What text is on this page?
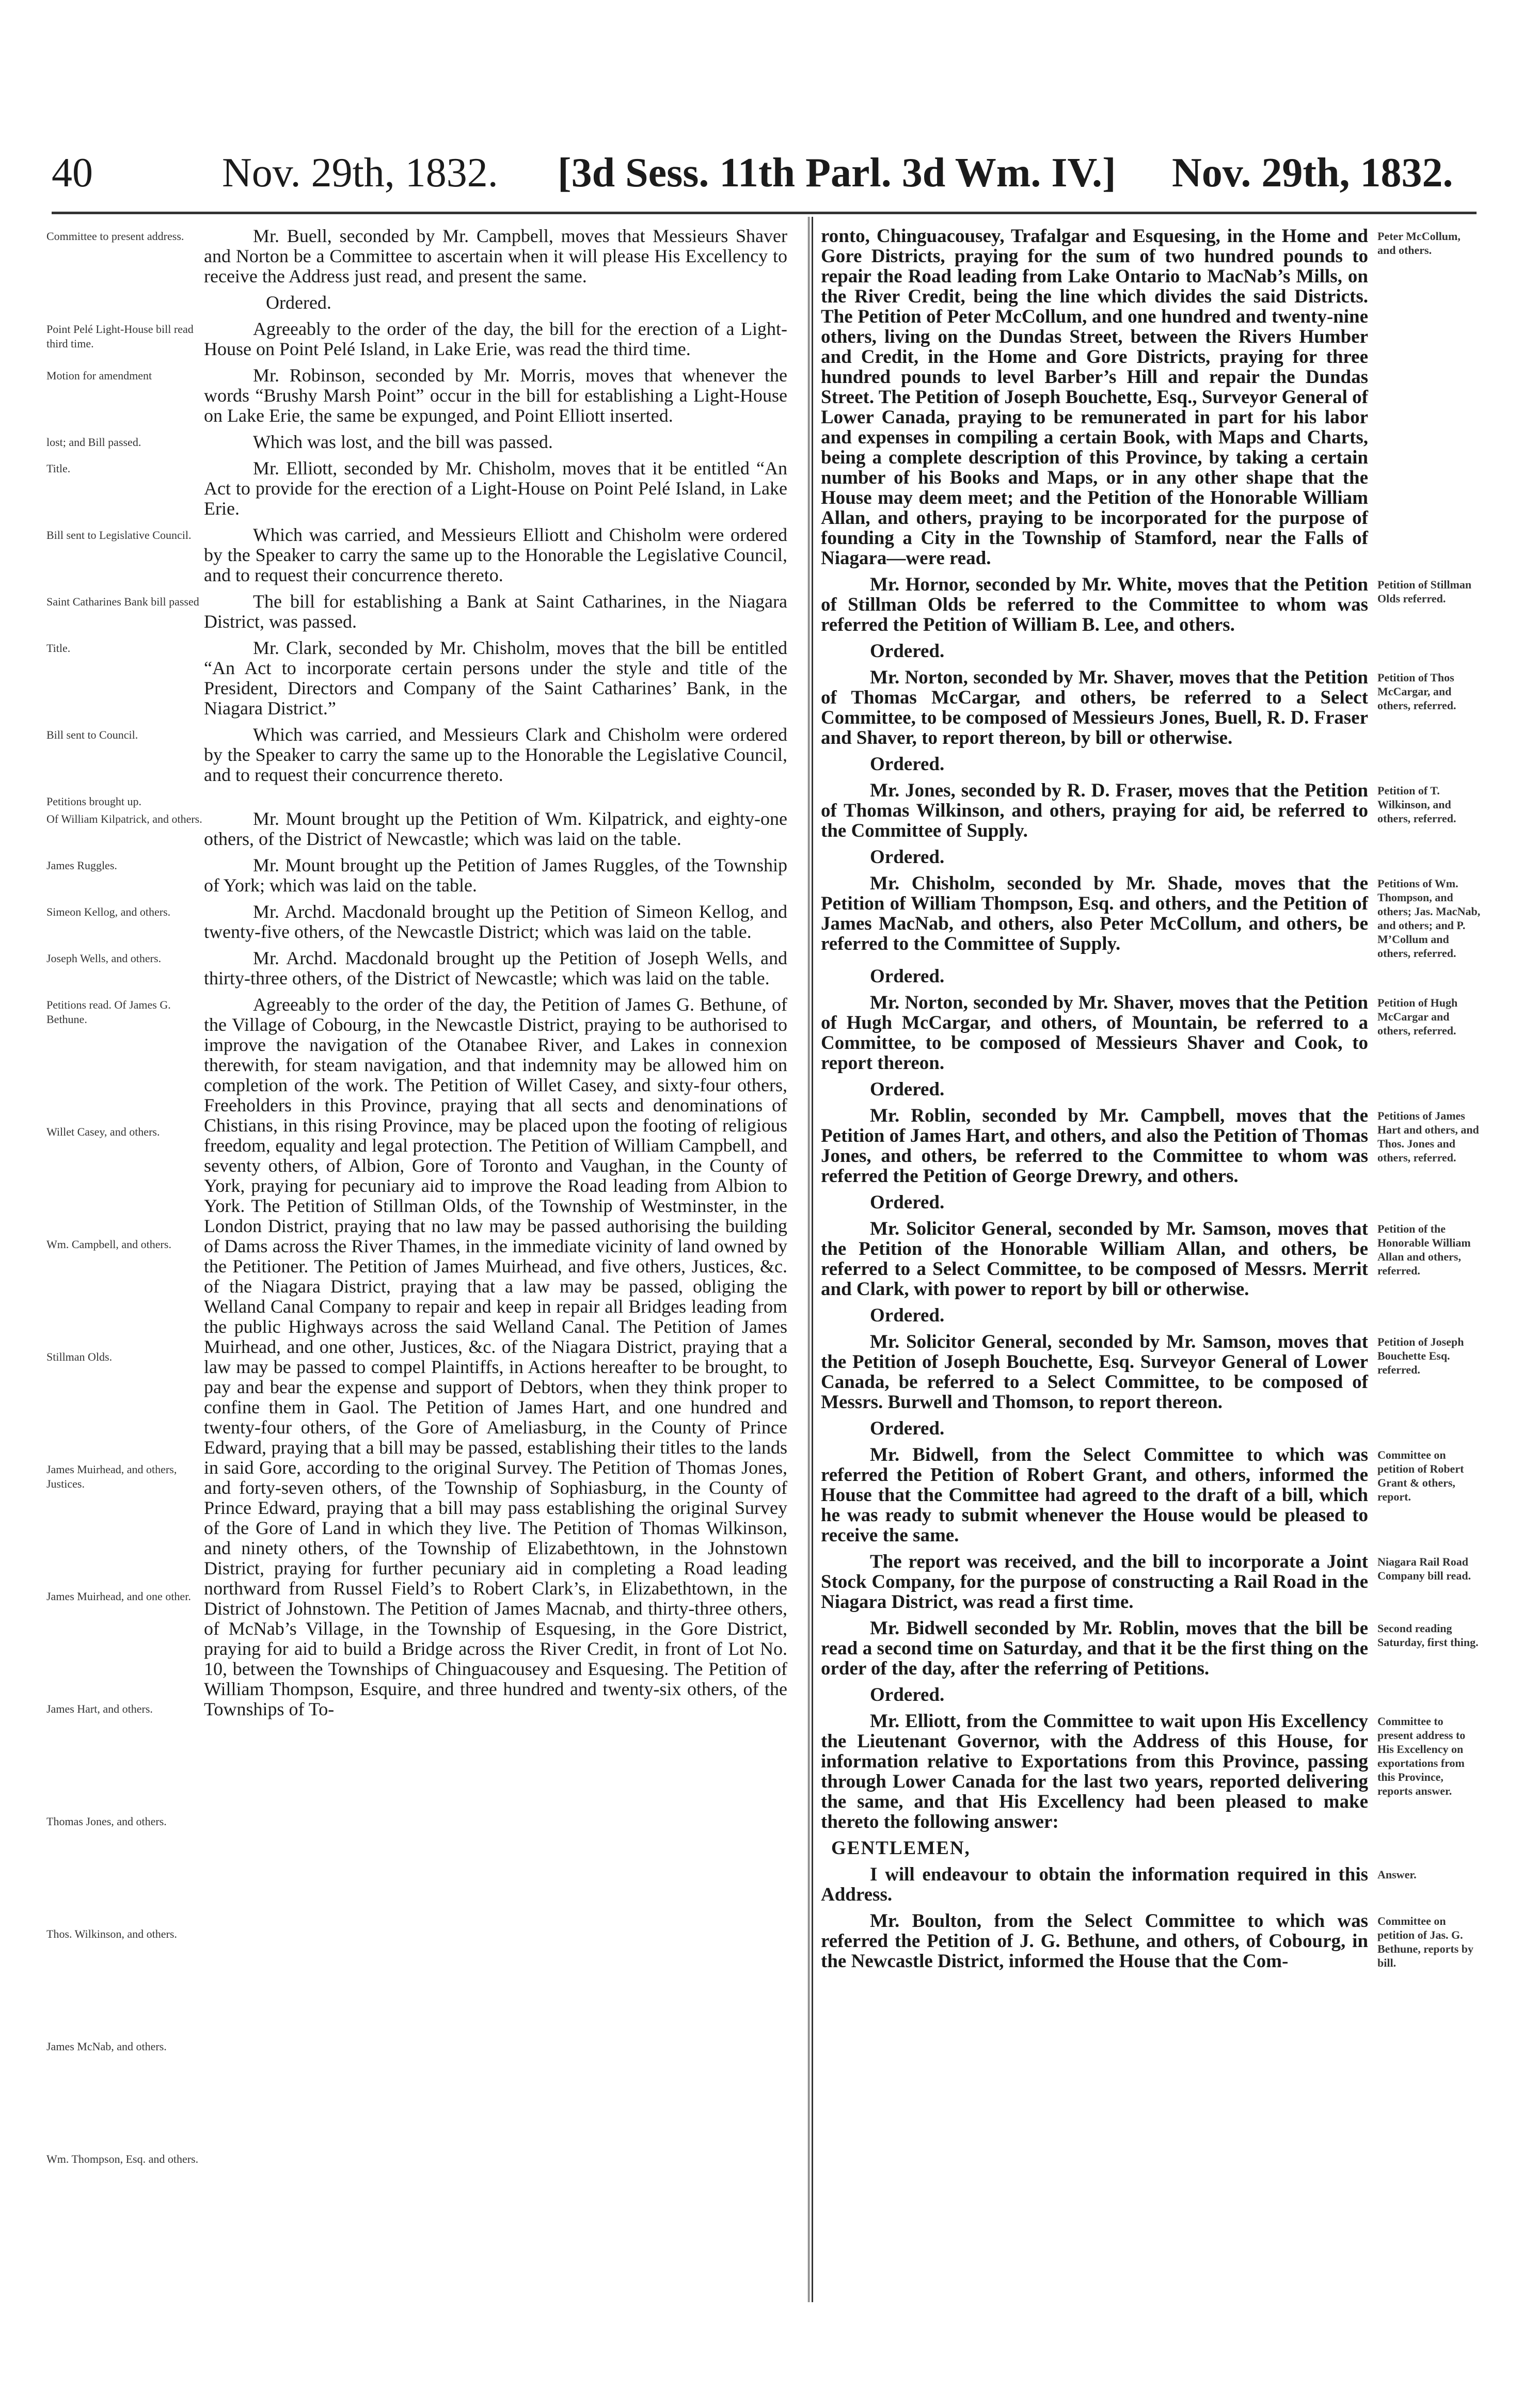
40	Nov. 29th, 1832. [3d Sess. 11th Parl. 3d Wm. IV.] Nov. 29th, 1832.
Committee to present address.	Mr. Buell, seconded by Mr. Campbell, moves that Messieurs Shaver and Norton be a Committee to ascertain when it will please His Excellency to receive the Address just read, and present the same.

Ordered.

Point Pelé Light-House bill read third time.

Agreeably to the order of the day, the bill for the erection of a Light-House on Point Pelé Island, in Lake Erie, was read the third time.

Motion for amendment	Mr. Robinson, seconded by Mr. Morris, moves that whenever the words “Brushy Marsh Point” occur in the bill for establishing a Light-House on Lake Erie, the same be expunged, and Point Elliott inserted.

lost; and Bill passed.	Which was lost, and the bill was passed.

Title.	Mr. Elliott, seconded by Mr. Chisholm, moves that it be entitled “An Act to provide for the erection of a Light-House on Point Pelé Island, in Lake Erie.

Bill sent to Legislative Council.	Which was carried, and Messieurs Elliott and Chisholm were ordered by the Speaker to carry the same up to the Honorable the Legislative Council, and to request their concurrence thereto.

Saint Catharines Bank bill passed	The bill for establishing a Bank at Saint Catharines, in the Niagara District, was passed.

Title.	Mr. Clark, seconded by Mr. Chisholm, moves that the bill be entitled “An Act to incorporate certain persons under the style and title of the President, Directors and Company of the Saint Catharines’ Bank, in the Niagara District.”

Bill sent to Council.	Which was carried, and Messieurs Clark and Chisholm were ordered by the Speaker to carry the same up to the Honorable the Legislative Council, and to request their concurrence thereto.

Petitions brought up.

Of William Kilpatrick, and others.	Mr. Mount brought up the Petition of Wm. Kilpatrick, and eighty-one others, of the District of Newcastle; which was laid on the table.

James Ruggles.	Mr. Mount brought up the Petition of James Ruggles, of the Township of York; which was laid on the table.

Simeon Kellog, and others.	Mr. Archd. Macdonald brought up the Petition of Simeon Kellog, and twenty-five others, of the Newcastle District; which was laid on the table.

Joseph Wells, and others.	Mr. Archd. Macdonald brought up the Petition of Joseph Wells, and thirty-three others, of the District of Newcastle; which was laid on the table.

Petitions read. Of James G. Bethune.
Willet Casey, and others.
Wm. Campbell, and others.
Stillman Olds.
James Muirhead, and others, Justices.
James Muirhead, and one other.
James Hart, and others.
Thomas Jones, and others.
Thos. Wilkinson, and others.
James McNab, and others.
Wm. Thompson, Esq. and others.

Agreeably to the order of the day, the Petition of James G. Bethune, of the Village of Cobourg, in the Newcastle District, praying to be authorised to improve the navigation of the Otanabee River, and Lakes in connexion therewith, for steam navigation, and that indemnity may be allowed him on completion of the work. The Petition of Willet Casey, and sixty-four others, Freeholders in this Province, praying that all sects and denominations of Chistians, in this rising Province, may be placed upon the footing of religious freedom, equality and legal protection. The Petition of William Campbell, and seventy others, of Albion, Gore of Toronto and Vaughan, in the County of York, praying for pecuniary aid to improve the Road leading from Albion to York. The Petition of Stillman Olds, of the Township of Westminster, in the London District, praying that no law may be passed authorising the building of Dams across the River Thames, in the immediate vicinity of land owned by the Petitioner. The Petition of James Muirhead, and five others, Justices, &c. of the Niagara District, praying that a law may be passed, obliging the Welland Canal Company to repair and keep in repair all Bridges leading from the public Highways across the said Welland Canal. The Petition of James Muirhead, and one other, Justices, &c. of the Niagara District, praying that a law may be passed to compel Plaintiffs, in Actions hereafter to be brought, to pay and bear the expense and support of Debtors, when they think proper to confine them in Gaol. The Petition of James Hart, and one hundred and twenty-four others, of the Gore of Ameliasburg, in the County of Prince Edward, praying that a bill may be passed, establishing their titles to the lands in said Gore, according to the original Survey. The Petition of Thomas Jones, and forty-seven others, of the Township of Sophiasburg, in the County of Prince Edward, praying that a bill may pass establishing the original Survey of the Gore of Land in which they live. The Petition of Thomas Wilkinson, and ninety others, of the Township of Elizabethtown, in the Johnstown District, praying for further pecuniary aid in completing a Road leading northward from Russel Field’s to Robert Clark’s, in Elizabethtown, in the District of Johnstown. The Petition of James Macnab, and thirty-three others, of McNab’s Village, in the Township of Esquesing, in the Gore District, praying for aid to build a Bridge across the River Credit, in front of Lot No. 10, between the Townships of Chinguacousey and Esquesing. The Petition of William Thompson, Esquire, and three hundred and twenty-six others, of the Townships of To-

ronto, Chinguacousey, Trafalgar and Esquesing, in the Home and Gore Districts, praying for the sum of two hundred pounds to repair the Road leading from Lake Ontario to MacNab’s Mills, on the River Credit, being the line which divides the said Districts. The Petition of Peter McCollum, and one hundred and twenty-nine others, living on the Dundas Street, between the Rivers Humber and Credit, in the Home and Gore Districts, praying for three hundred pounds to level Barber’s Hill and repair the Dundas Street. The Petition of Joseph Bouchette, Esq., Surveyor General of Lower Canada, praying to be remunerated in part for his labor and expenses in compiling a certain Book, with Maps and Charts, being a complete description of this Province, by taking a certain number of his Books and Maps, or in any other shape that the House may deem meet; and the Petition of the Honorable William Allan, and others, praying to be incorporated for the purpose of founding a City in the Township of Stamford, near the Falls of Niagara—were read.

Peter McCollum, and others.

Mr. Hornor, seconded by Mr. White, moves that the Petition of Stillman Olds be referred to the Committee to whom was referred the Petition of William B. Lee, and others.

Petition of Stillman Olds referred.

Ordered.

Mr. Norton, seconded by Mr. Shaver, moves that the Petition of Thomas McCargar, and others, be referred to a Select Committee, to be composed of Messieurs Jones, Buell, R. D. Fraser and Shaver, to report thereon, by bill or otherwise.

Petition of Thos McCargar, and others, referred.

Ordered.

Mr. Jones, seconded by R. D. Fraser, moves that the Petition of Thomas Wilkinson, and others, praying for aid, be referred to the Committee of Supply.

Petition of T. Wilkinson, and others, referred.

Ordered.

Mr. Chisholm, seconded by Mr. Shade, moves that the Petition of William Thompson, Esq. and others, and the Petition of James MacNab, and others, also Peter McCollum, and others, be referred to the Committee of Supply.

Petitions of Wm. Thompson, and others; Jas. MacNab, and others; and P. M’Collum and others, referred.

Ordered.

Mr. Norton, seconded by Mr. Shaver, moves that the Petition of Hugh McCargar, and others, of Mountain, be referred to a Committee, to be composed of Messieurs Shaver and Cook, to report thereon.

Petition of Hugh McCargar and others, referred.

Ordered.

Mr. Roblin, seconded by Mr. Campbell, moves that the Petition of James Hart, and others, and also the Petition of Thomas Jones, and others, be referred to the Committee to whom was referred the Petition of George Drewry, and others.

Petitions of James Hart and others, and Thos. Jones and others, referred.

Ordered.

Mr. Solicitor General, seconded by Mr. Samson, moves that the Petition of the Honorable William Allan, and others, be referred to a Select Committee, to be composed of Messrs. Merrit and Clark, with power to report by bill or otherwise.

Petition of the Honorable William Allan and others, referred.

Ordered.

Mr. Solicitor General, seconded by Mr. Samson, moves that the Petition of Joseph Bouchette, Esq. Surveyor General of Lower Canada, be referred to a Select Committee, to be composed of Messrs. Burwell and Thomson, to report thereon.

Petition of Joseph Bouchette Esq. referred.

Ordered.

Mr. Bidwell, from the Select Committee to which was referred the Petition of Robert Grant, and others, informed the House that the Committee had agreed to the draft of a bill, which he was ready to submit whenever the House would be pleased to receive the same.

Committee on petition of Robert Grant & others, report.

The report was received, and the bill to incorporate a Joint Stock Company, for the purpose of constructing a Rail Road in the Niagara District, was read a first time.

Niagara Rail Road Company bill read.

Mr. Bidwell seconded by Mr. Roblin, moves that the bill be read a second time on Saturday, and that it be the first thing on the order of the day, after the referring of Petitions.

Second reading Saturday, first thing.

Ordered.

Mr. Elliott, from the Committee to wait upon His Excellency the Lieutenant Governor, with the Address of this House, for information relative to Exportations from this Province, passing through Lower Canada for the last two years, reported delivering the same, and that His Excellency had been pleased to make thereto the following answer:

Committee to present address to His Excellency on exportations from this Province, reports answer.

GENTLEMEN,

I will endeavour to obtain the information required in this Address.

Answer.

Mr. Boulton, from the Select Committee to which was referred the Petition of J. G. Bethune, and others, of Cobourg, in the Newcastle District, informed the House that the Com-

Committee on petition of Jas. G. Bethune, reports by bill.
